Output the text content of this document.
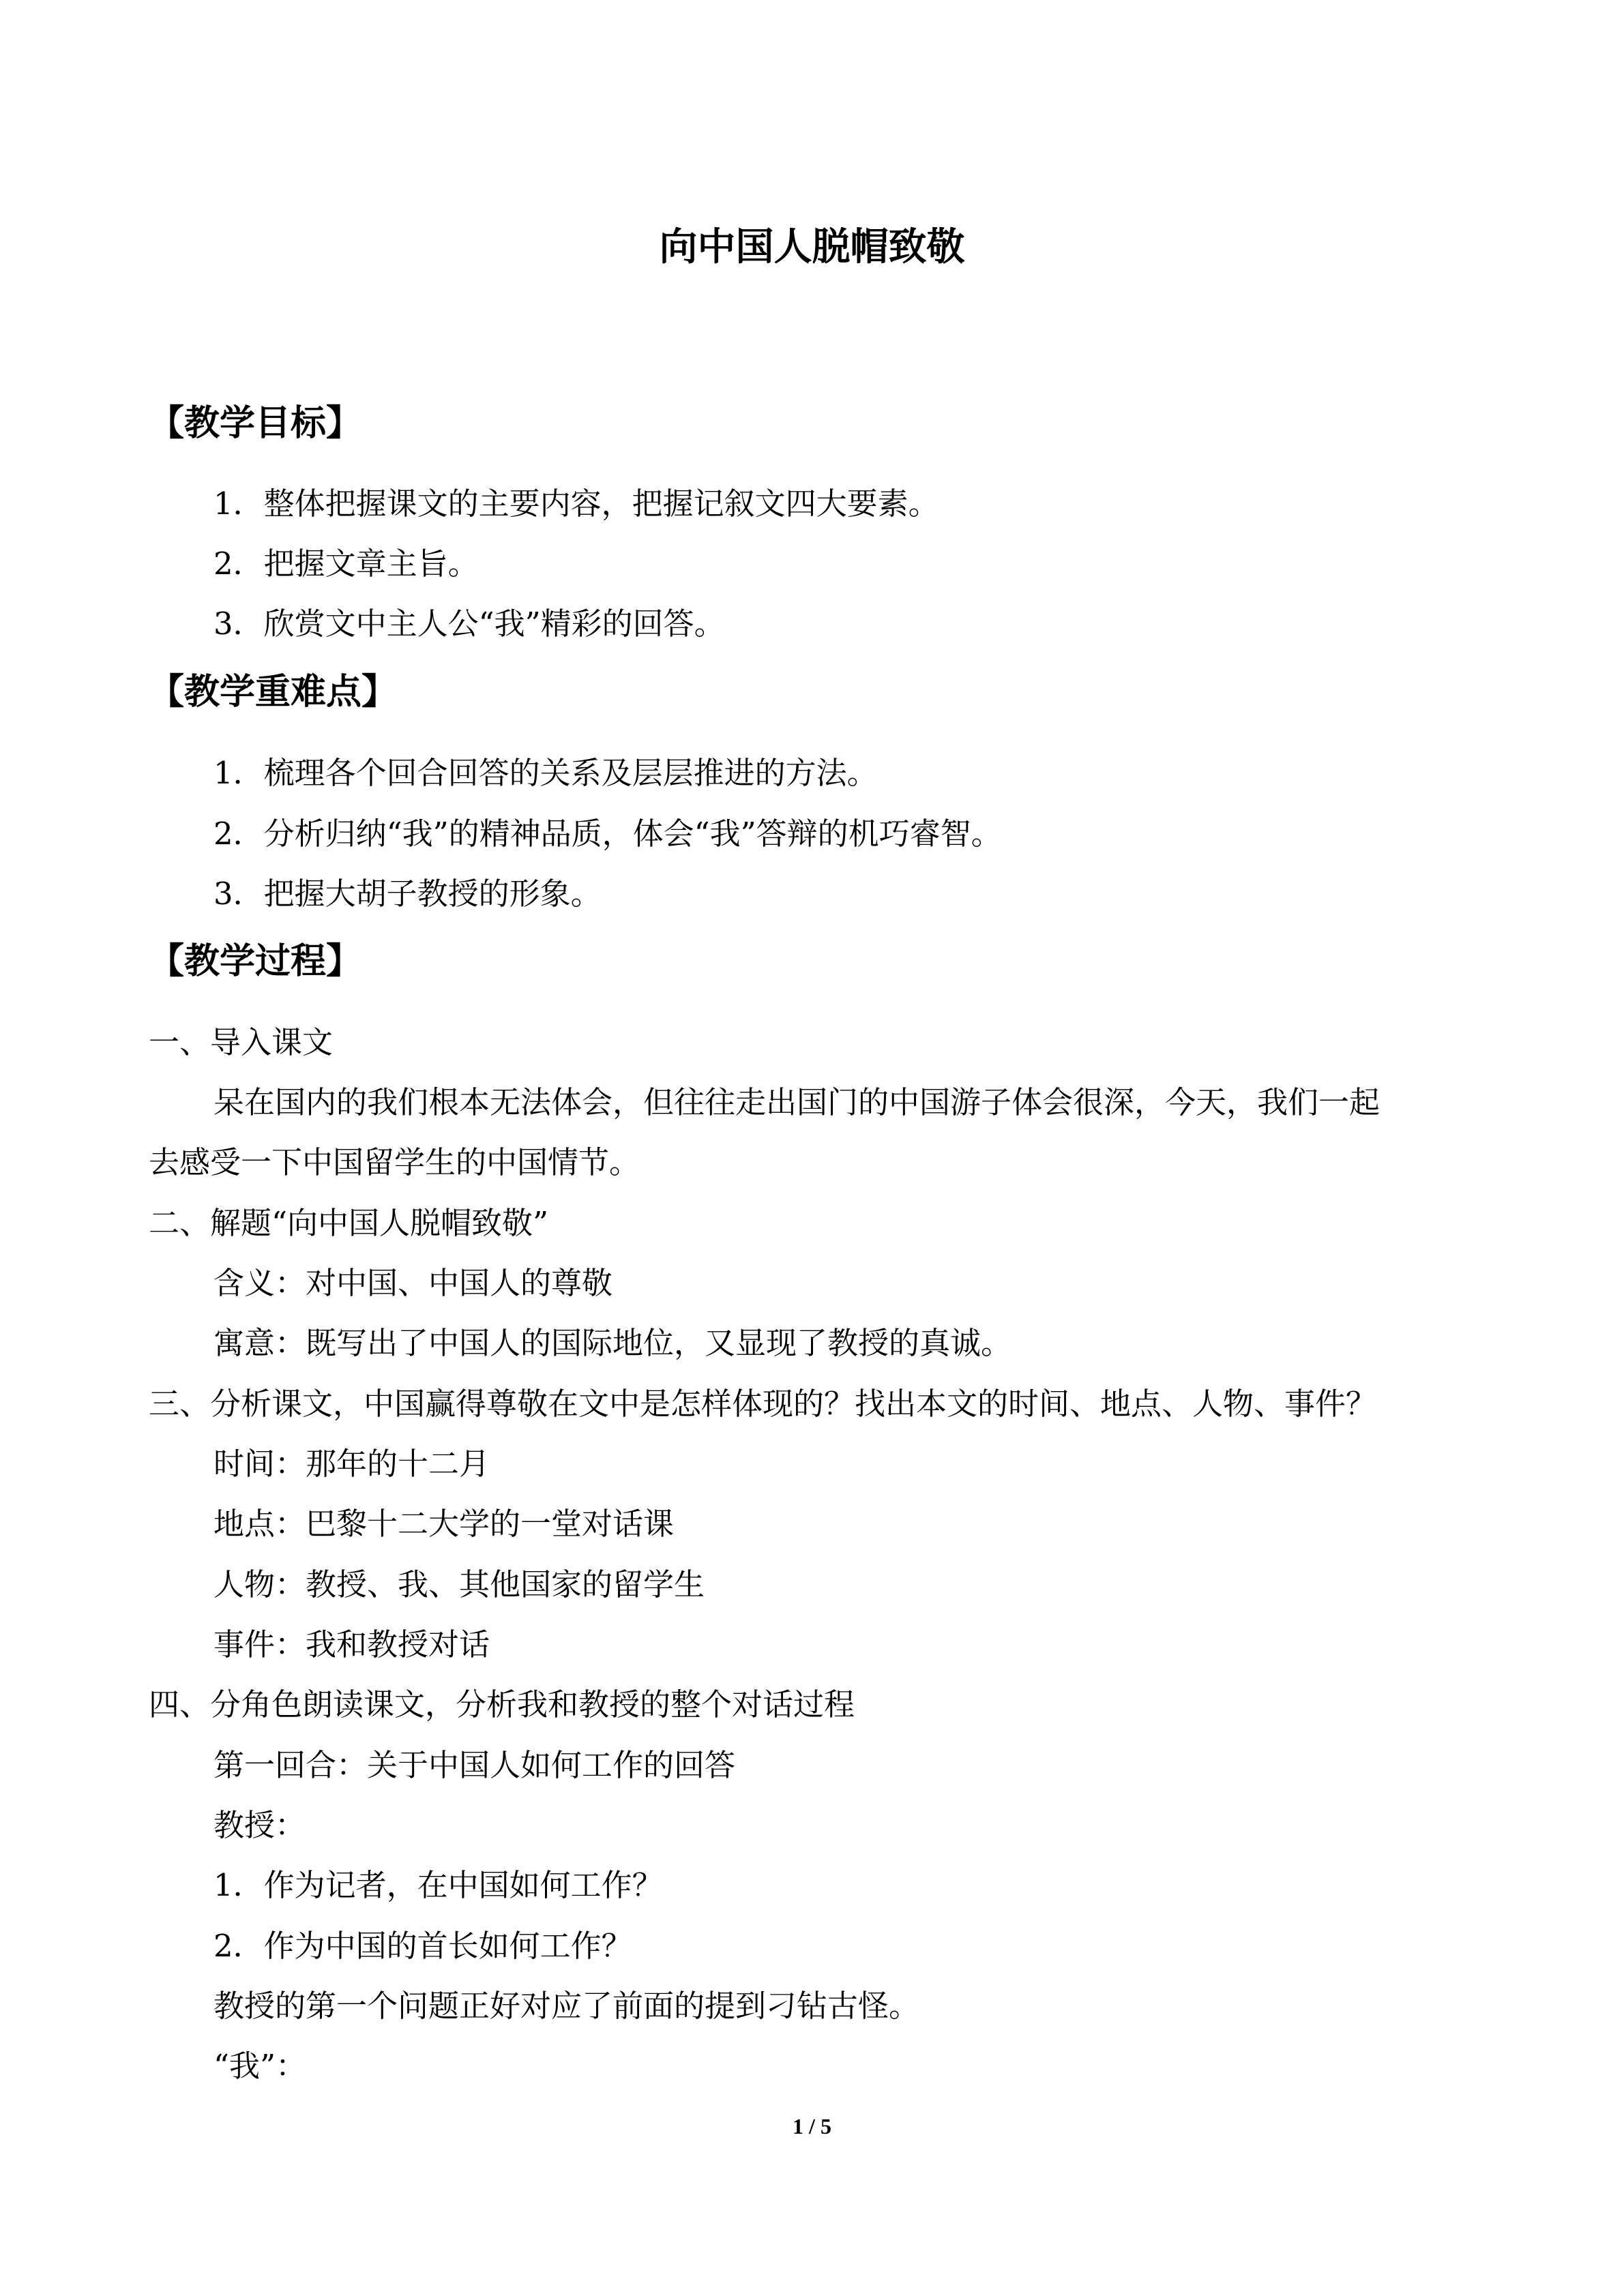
向中国人脱帽致敬
【教学目标】
1．整体把握课文的主要内容，把握记叙文四大要素。
2．把握文章主旨。
3．欣赏文中主人公“我”精彩的回答。
【教学重难点】
1．梳理各个回合回答的关系及层层推进的方法。
2．分析归纳“我”的精神品质，体会“我”答辩的机巧睿智。
3．把握大胡子教授的形象。
【教学过程】
一、导入课文
呆在国内的我们根本无法体会，但往往走出国门的中国游子体会很深，今天，我们一起
去感受一下中国留学生的中国情节。
二、解题“向中国人脱帽致敬”
含义：对中国、中国人的尊敬
寓意：既写出了中国人的国际地位，又显现了教授的真诚。
三、分析课文，中国赢得尊敬在文中是怎样体现的？找出本文的时间、地点、人物、事件？
时间：那年的十二月
地点：巴黎十二大学的一堂对话课
人物：教授、我、其他国家的留学生
事件：我和教授对话
四、分角色朗读课文，分析我和教授的整个对话过程
第一回合：关于中国人如何工作的回答
教授：
1．作为记者，在中国如何工作？
2．作为中国的首长如何工作？
教授的第一个问题正好对应了前面的提到刁钻古怪。
“我”：
1 / 5
